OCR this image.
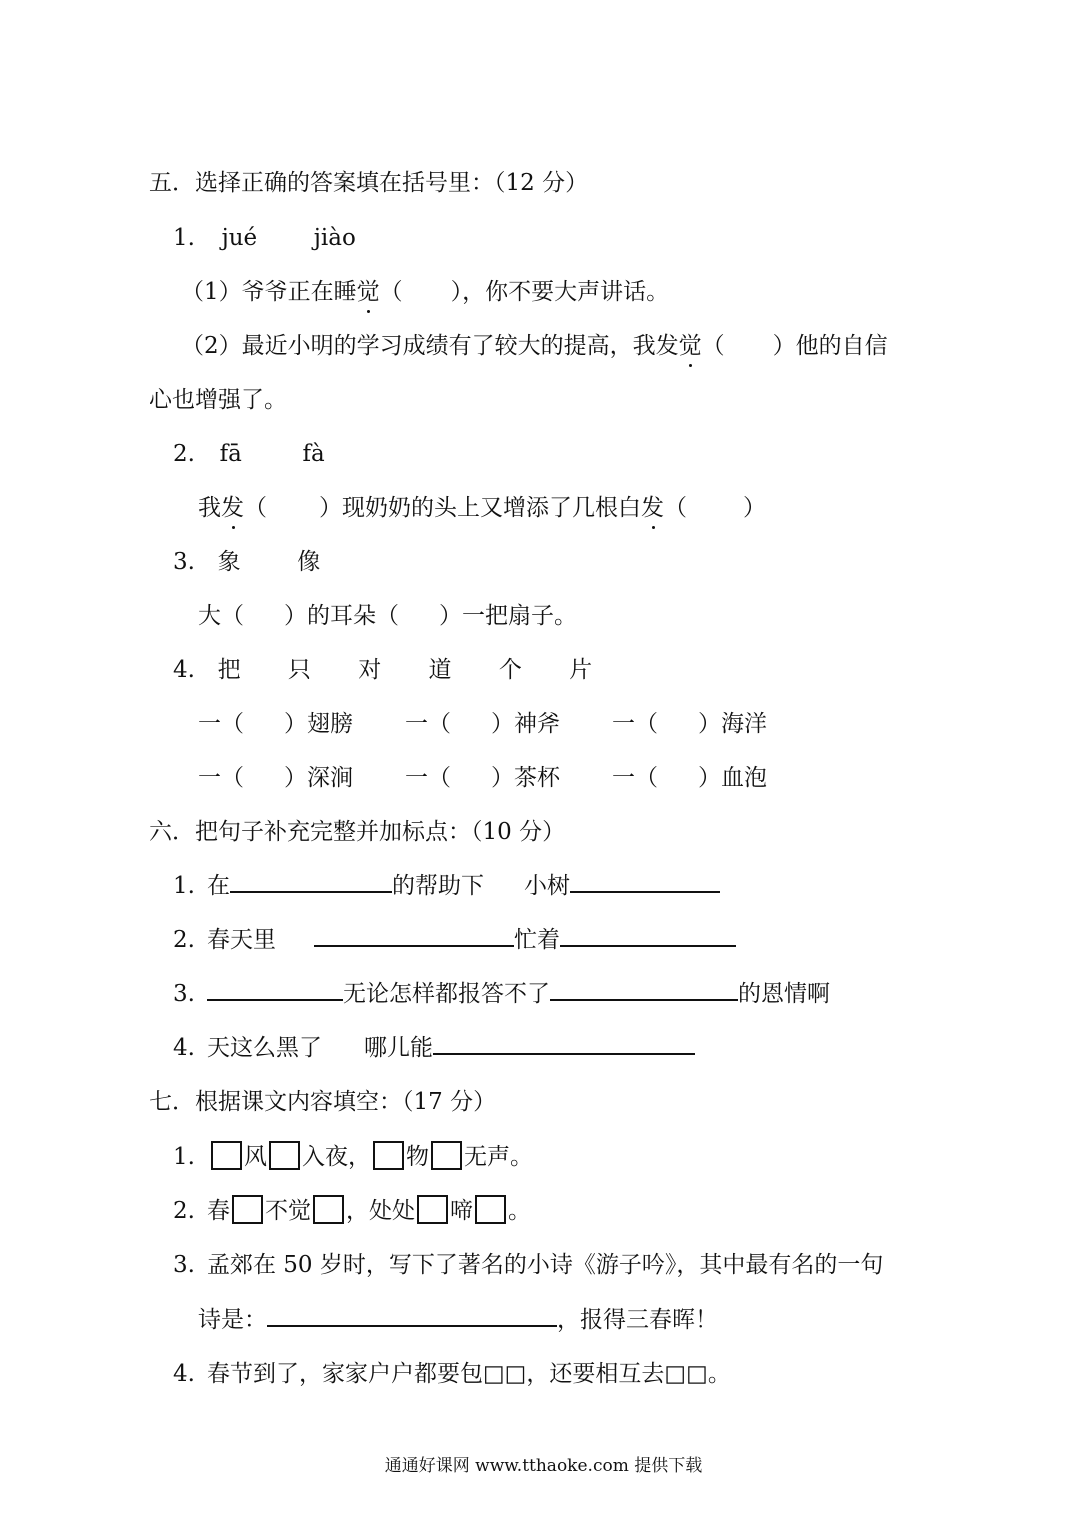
五．选择正确的答案填在括号里：（12 分）
1. jué jiào
（1）爷爷正在睡觉（ ），你不要大声讲话。
（2）最近小明的学习成绩有了较大的提高，我发觉（ ）他的自信
心也增强了。
2. fā	fà
我发（ ）现奶奶的头上又增添了几根白发（ ）
3. 象 像
大（ ）的耳朵（ ）一把扇子。
4. 把 只 对 道 个 片
一（ ）翅膀 一（ ）神斧 一（ ）海洋
一（ ）深涧 一（ ）茶杯 一（ ）血泡
六．把句子补充完整并加标点：（10 分）
1. 在	的帮助下 小树
2. 春天里	忙着
3.	无论怎样都报答不了	的恩情啊
4. 天这么黑了 哪儿能
七．根据课文内容填空：（17 分）
1. 风 入夜， 物 无声。
2. 春 不觉 ，处处 啼 。
3. 孟郊在 50 岁时，写下了著名的小诗《游子吟》，其中最有名的一句
诗是：	，报得三春晖！
4. 春节到了，家家户户都要包□□，还要相互去□□。
通通好课网 www.tthaoke.com 提供下载
